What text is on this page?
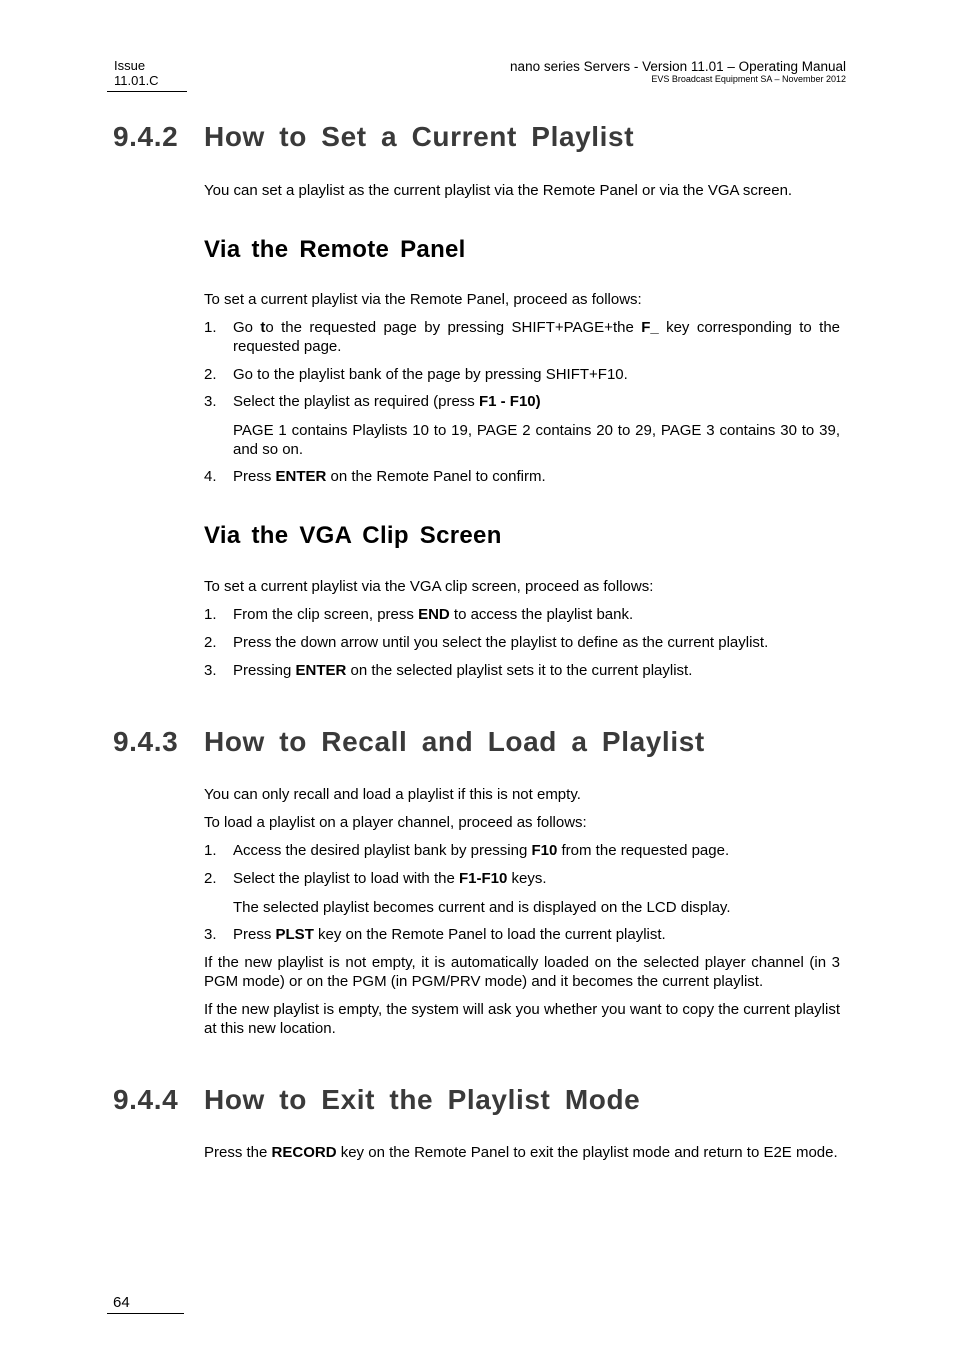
Issue
11.01.C
nano series Servers - Version 11.01 – Operating Manual
EVS Broadcast Equipment SA – November 2012
9.4.2 How to Set a Current Playlist
You can set a playlist as the current playlist via the Remote Panel or via the VGA screen.
Via the Remote Panel
To set a current playlist via the Remote Panel, proceed as follows:
1. Go to the requested page by pressing SHIFT+PAGE+the F_ key corresponding to the requested page.
2. Go to the playlist bank of the page by pressing SHIFT+F10.
3. Select the playlist as required (press F1 - F10)
PAGE 1 contains Playlists 10 to 19, PAGE 2 contains 20 to 29, PAGE 3 contains 30 to 39, and so on.
4. Press ENTER on the Remote Panel to confirm.
Via the VGA Clip Screen
To set a current playlist via the VGA clip screen, proceed as follows:
1. From the clip screen, press END to access the playlist bank.
2. Press the down arrow until you select the playlist to define as the current playlist.
3. Pressing ENTER on the selected playlist sets it to the current playlist.
9.4.3 How to Recall and Load a Playlist
You can only recall and load a playlist if this is not empty.
To load a playlist on a player channel, proceed as follows:
1. Access the desired playlist bank by pressing F10 from the requested page.
2. Select the playlist to load with the F1-F10 keys.
The selected playlist becomes current and is displayed on the LCD display.
3. Press PLST key on the Remote Panel to load the current playlist.
If the new playlist is not empty, it is automatically loaded on the selected player channel (in 3 PGM mode) or on the PGM (in PGM/PRV mode) and it becomes the current playlist.
If the new playlist is empty, the system will ask you whether you want to copy the current playlist at this new location.
9.4.4 How to Exit the Playlist Mode
Press the RECORD key on the Remote Panel to exit the playlist mode and return to E2E mode.
64
